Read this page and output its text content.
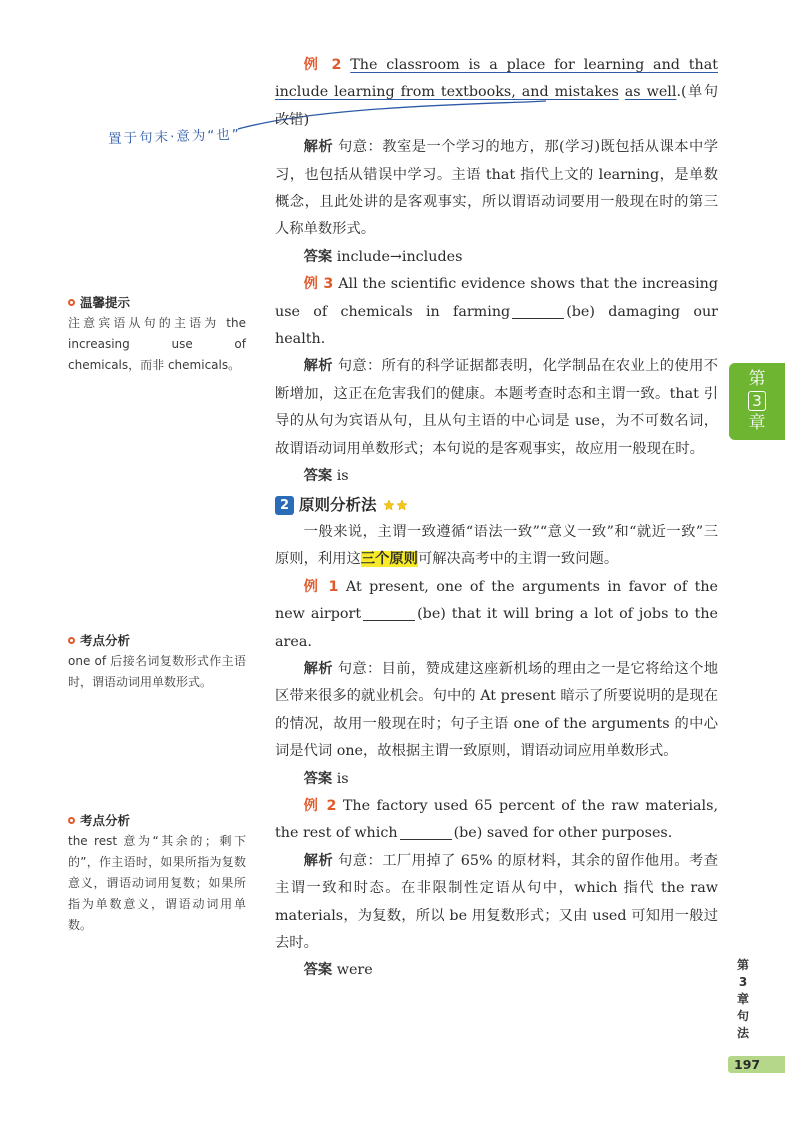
置于句末·意为“也”
温馨提示
注意宾语从句的主语为 the increasing use of chemicals，而非 chemicals。
考点分析
one of 后接名词复数形式作主语时，谓语动词用单数形式。
考点分析
the rest 意为“其余的；剩下的”，作主语时，如果所指为复数意义，谓语动词用复数；如果所指为单数意义，谓语动词用单数。

例 2 The classroom is a place for learning and that include learning from textbooks, and mistakes as well.(单句改错)

解析 句意：教室是一个学习的地方，那(学习)既包括从课本中学习，也包括从错误中学习。主语 that 指代上文的 learning，是单数概念，且此处讲的是客观事实，所以谓语动词要用一般现在时的第三人称单数形式。

答案 include→includes

例 3 All the scientific evidence shows that the increasing use of chemicals in farming	(be) damaging our health.

解析 句意：所有的科学证据都表明，化学制品在农业上的使用不断增加，这正在危害我们的健康。本题考查时态和主谓一致。that 引导的从句为宾语从句，且从句主语的中心词是 use，为不可数名词，故谓语动词用单数形式；本句说的是客观事实，故应用一般现在时。

答案 is

2 原则分析法

一般来说，主谓一致遵循“语法一致”“意义一致”和“就近一致”三原则，利用这三个原则可解决高考中的主谓一致问题。

例 1 At present, one of the arguments in favor of the new airport	(be) that it will bring a lot of jobs to the area.

解析 句意：目前，赞成建这座新机场的理由之一是它将给这个地区带来很多的就业机会。句中的 At present 暗示了所要说明的是现在的情况，故用一般现在时；句子主语 one of the arguments 的中心词是代词 one，故根据主谓一致原则，谓语动词应用单数形式。

答案 is

例 2 The factory used 65 percent of the raw materials, the rest of which	(be) saved for other purposes.

解析 句意：工厂用掉了 65% 的原材料，其余的留作他用。考查主谓一致和时态。在非限制性定语从句中，which 指代 the raw materials，为复数，所以 be 用复数形式；又由 used 可知用一般过去时。

答案 were

第
3
章
第3章 句法
197
